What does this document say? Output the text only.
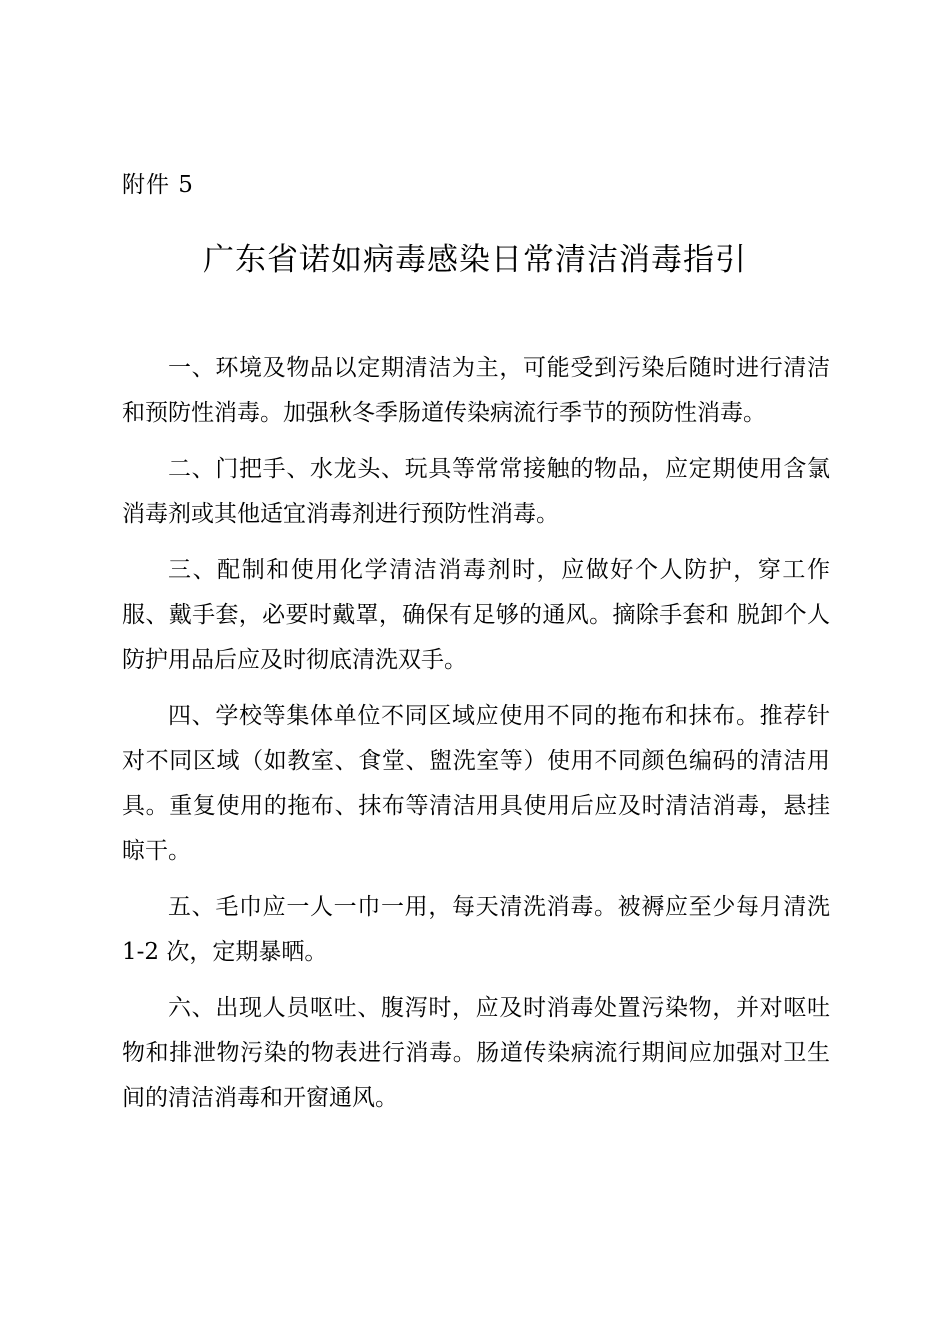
附件 5
广东省诺如病毒感染日常清洁消毒指引

一、环境及物品以定期清洁为主，可能受到污染后随时进行清洁和预防性消毒。加强秋冬季肠道传染病流行季节的预防性消毒。

二、门把手、水龙头、玩具等常常接触的物品，应定期使用含氯消毒剂或其他适宜消毒剂进行预防性消毒。

三、配制和使用化学清洁消毒剂时，应做好个人防护，穿工作服、戴手套，必要时戴罩，确保有足够的通风。摘除手套和 脱卸个人防护用品后应及时彻底清洗双手。

四、学校等集体单位不同区域应使用不同的拖布和抹布。推荐针对不同区域（如教室、食堂、盥洗室等）使用不同颜色编码的清洁用具。重复使用的拖布、抹布等清洁用具使用后应及时清洁消毒，悬挂晾干。

五、毛巾应一人一巾一用，每天清洗消毒。被褥应至少每月清洗 1-2 次，定期暴晒。

六、出现人员呕吐、腹泻时，应及时消毒处置污染物，并对呕吐物和排泄物污染的物表进行消毒。肠道传染病流行期间应加强对卫生间的清洁消毒和开窗通风。
